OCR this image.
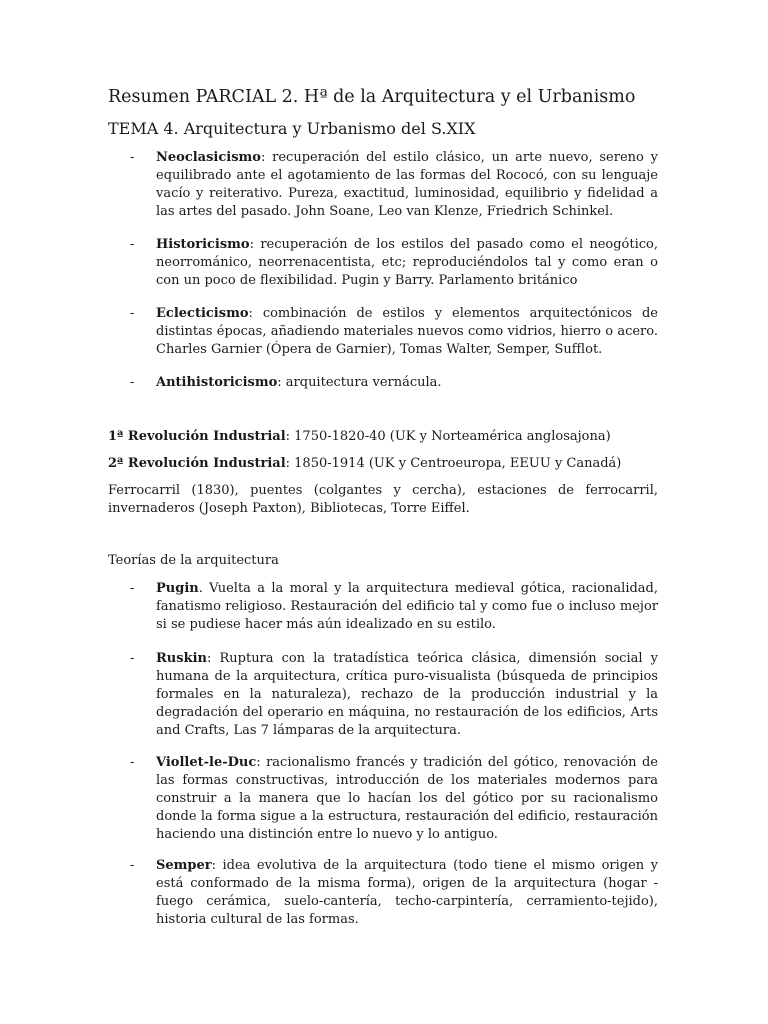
Resumen PARCIAL 2. Hª de la Arquitectura y el Urbanismo
TEMA 4. Arquitectura y Urbanismo del S.XIX
- Neoclasicismo: recuperación del estilo clásico, un arte nuevo, sereno y equilibrado ante el agotamiento de las formas del Rococó, con su lenguaje vacío y reiterativo. Pureza, exactitud, luminosidad, equilibrio y fidelidad a las artes del pasado. John Soane, Leo van Klenze, Friedrich Schinkel.
- Historicismo: recuperación de los estilos del pasado como el neogótico, neorrománico, neorrenacentista, etc; reproduciéndolos tal y como eran o con un poco de flexibilidad. Pugin y Barry. Parlamento británico
- Eclecticismo: combinación de estilos y elementos arquitectónicos de distintas épocas, añadiendo materiales nuevos como vidrios, hierro o acero. Charles Garnier (Ópera de Garnier), Tomas Walter, Semper, Sufflot.
- Antihistoricismo: arquitectura vernácula.
1ª Revolución Industrial: 1750-1820-40 (UK y Norteamérica anglosajona)
2ª Revolución Industrial: 1850-1914 (UK y Centroeuropa, EEUU y Canadá)
Ferrocarril (1830), puentes (colgantes y cercha), estaciones de ferrocarril, invernaderos (Joseph Paxton), Bibliotecas, Torre Eiffel.
Teorías de la arquitectura
- Pugin. Vuelta a la moral y la arquitectura medieval gótica, racionalidad, fanatismo religioso. Restauración del edificio tal y como fue o incluso mejor si se pudiese hacer más aún idealizado en su estilo.
- Ruskin: Ruptura con la tratadística teórica clásica, dimensión social y humana de la arquitectura, crítica puro-visualista (búsqueda de principios formales en la naturaleza), rechazo de la producción industrial y la degradación del operario en máquina, no restauración de los edificios, Arts and Crafts, Las 7 lámparas de la arquitectura.
- Viollet-le-Duc: racionalismo francés y tradición del gótico, renovación de las formas constructivas, introducción de los materiales modernos para construir a la manera que lo hacían los del gótico por su racionalismo donde la forma sigue a la estructura, restauración del edificio, restauración haciendo una distinción entre lo nuevo y lo antiguo.
- Semper: idea evolutiva de la arquitectura (todo tiene el mismo origen y está conformado de la misma forma), origen de la arquitectura (hogar -fuego cerámica, suelo-cantería, techo-carpintería, cerramiento-tejido), historia cultural de las formas.
